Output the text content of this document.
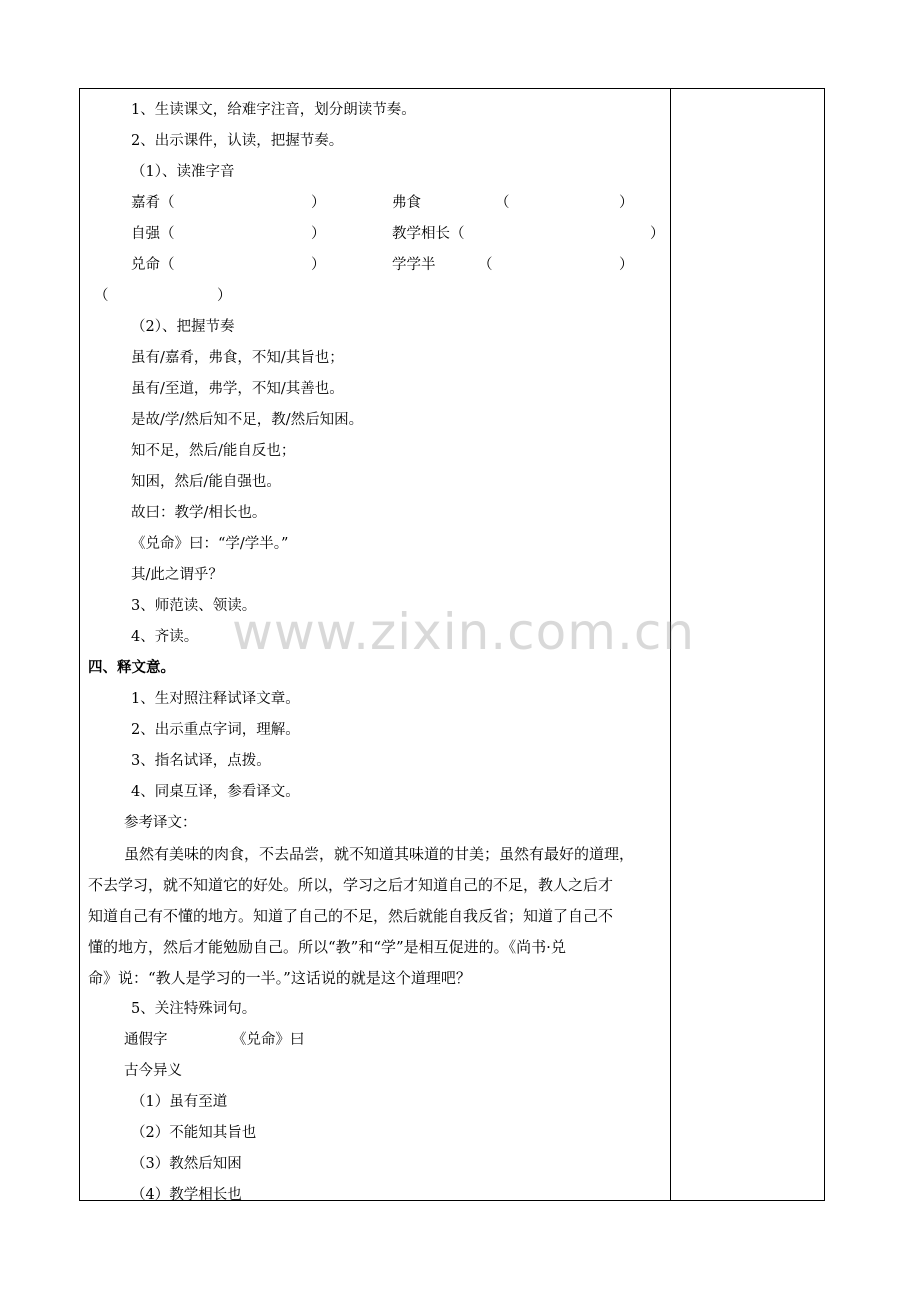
www.zixin.com.cn
1、生读课文，给难字注音，划分朗读节奏。
2、出示课件，认读，把握节奏。
（1）、读准字音
嘉肴（	）	弗食	（	）
自强（	）	教学相长（	）
兑命（	）	学学半	（	）
（	）
（2）、把握节奏
虽有/嘉肴，弗食，不知/其旨也；
虽有/至道，弗学，不知/其善也。
是故/学/然后知不足，教/然后知困。
知不足，然后/能自反也；
知困，然后/能自强也。
故曰：教学/相长也。
《兑命》曰：“学/学半。”
其/此之谓乎？
3、师范读、领读。
4、齐读。
四、释文意。
1、生对照注释试译文章。
2、出示重点字词，理解。
3、指名试译，点拨。
4、同桌互译，参看译文。
参考译文：
虽然有美味的肉食，不去品尝，就不知道其味道的甘美；虽然有最好的道理，
不去学习，就不知道它的好处。所以，学习之后才知道自己的不足，教人之后才
知道自己有不懂的地方。知道了自己的不足，然后就能自我反省；知道了自己不
懂的地方，然后才能勉励自己。所以“教”和“学”是相互促进的。《尚书·兑
命》说：“教人是学习的一半。”这话说的就是这个道理吧？
5、关注特殊词句。
通假字	《兑命》曰
古今异义
（1）虽有至道
（2）不能知其旨也
（3）教然后知困
（4）教学相长也
